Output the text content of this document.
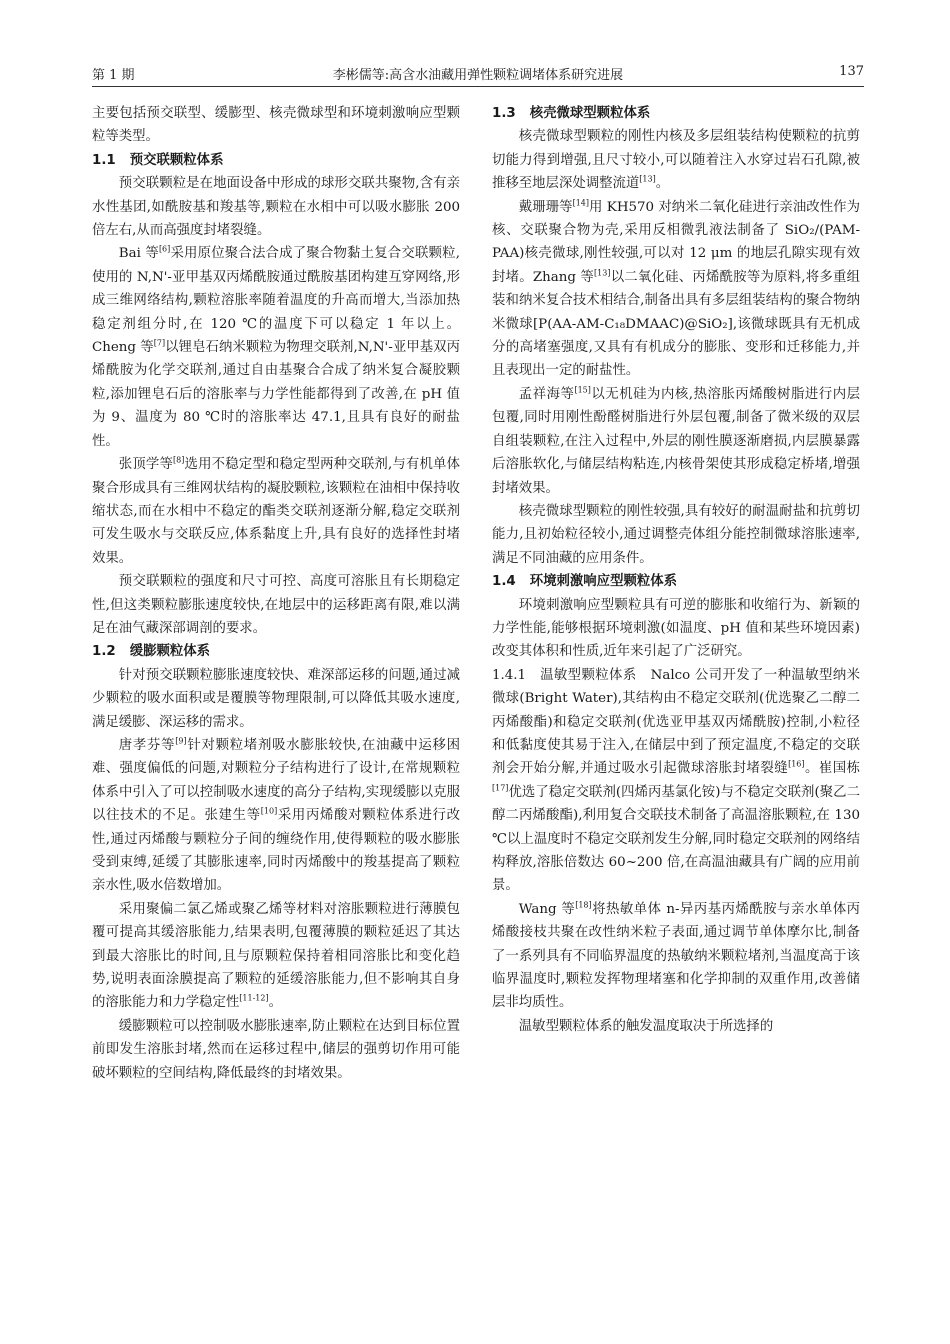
第 1 期	李彬儒等:高含水油藏用弹性颗粒调堵体系研究进展	137

主要包括预交联型、缓膨型、核壳微球型和环境刺激响应型颗粒等类型。

1.1 预交联颗粒体系

预交联颗粒是在地面设备中形成的球形交联共聚物,含有亲水性基团,如酰胺基和羧基等,颗粒在水相中可以吸水膨胀 200 倍左右,从而高强度封堵裂缝。

Bai 等[6]采用原位聚合法合成了聚合物黏土复合交联颗粒,使用的 N,N'-亚甲基双丙烯酰胺通过酰胺基团构建互穿网络,形成三维网络结构,颗粒溶胀率随着温度的升高而增大,当添加热稳定剂组分时,在 120 ℃的温度下可以稳定 1 年以上。Cheng 等[7]以锂皂石纳米颗粒为物理交联剂,N,N'-亚甲基双丙烯酰胺为化学交联剂,通过自由基聚合合成了纳米复合凝胶颗粒,添加锂皂石后的溶胀率与力学性能都得到了改善,在 pH 值为 9、温度为 80 ℃时的溶胀率达 47.1,且具有良好的耐盐性。

张顶学等[8]选用不稳定型和稳定型两种交联剂,与有机单体聚合形成具有三维网状结构的凝胶颗粒,该颗粒在油相中保持收缩状态,而在水相中不稳定的酯类交联剂逐渐分解,稳定交联剂可发生吸水与交联反应,体系黏度上升,具有良好的选择性封堵效果。

预交联颗粒的强度和尺寸可控、高度可溶胀且有长期稳定性,但这类颗粒膨胀速度较快,在地层中的运移距离有限,难以满足在油气藏深部调剖的要求。

1.2 缓膨颗粒体系

针对预交联颗粒膨胀速度较快、难深部运移的问题,通过减少颗粒的吸水面积或是覆膜等物理限制,可以降低其吸水速度,满足缓膨、深运移的需求。

唐孝芬等[9]针对颗粒堵剂吸水膨胀较快,在油藏中运移困难、强度偏低的问题,对颗粒分子结构进行了设计,在常规颗粒体系中引入了可以控制吸水速度的高分子结构,实现缓膨以克服以往技术的不足。张建生等[10]采用丙烯酸对颗粒体系进行改性,通过丙烯酸与颗粒分子间的缠绕作用,使得颗粒的吸水膨胀受到束缚,延缓了其膨胀速率,同时丙烯酸中的羧基提高了颗粒亲水性,吸水倍数增加。

采用聚偏二氯乙烯或聚乙烯等材料对溶胀颗粒进行薄膜包覆可提高其缓溶胀能力,结果表明,包覆薄膜的颗粒延迟了其达到最大溶胀比的时间,且与原颗粒保持着相同溶胀比和变化趋势,说明表面涂膜提高了颗粒的延缓溶胀能力,但不影响其自身的溶胀能力和力学稳定性[11-12]。

缓膨颗粒可以控制吸水膨胀速率,防止颗粒在达到目标位置前即发生溶胀封堵,然而在运移过程中,储层的强剪切作用可能破坏颗粒的空间结构,降低最终的封堵效果。

1.3 核壳微球型颗粒体系

核壳微球型颗粒的刚性内核及多层组装结构使颗粒的抗剪切能力得到增强,且尺寸较小,可以随着注入水穿过岩石孔隙,被推移至地层深处调整流道[13]。

戴珊珊等[14]用 KH570 对纳米二氧化硅进行亲油改性作为核、交联聚合物为壳,采用反相微乳液法制备了 SiO₂/(PAM-PAA)核壳微球,刚性较强,可以对 12 μm 的地层孔隙实现有效封堵。Zhang 等[13]以二氧化硅、丙烯酰胺等为原料,将多重组装和纳米复合技术相结合,制备出具有多层组装结构的聚合物纳米微球[P(AA-AM-C₁₈DMAAC)@SiO₂],该微球既具有无机成分的高堵塞强度,又具有有机成分的膨胀、变形和迁移能力,并且表现出一定的耐盐性。

孟祥海等[15]以无机硅为内核,热溶胀丙烯酸树脂进行内层包覆,同时用刚性酚醛树脂进行外层包覆,制备了微米级的双层自组装颗粒,在注入过程中,外层的刚性膜逐渐磨损,内层膜暴露后溶胀软化,与储层结构粘连,内核骨架使其形成稳定桥堵,增强封堵效果。

核壳微球型颗粒的刚性较强,具有较好的耐温耐盐和抗剪切能力,且初始粒径较小,通过调整壳体组分能控制微球溶胀速率,满足不同油藏的应用条件。

1.4 环境刺激响应型颗粒体系

环境刺激响应型颗粒具有可逆的膨胀和收缩行为、新颖的力学性能,能够根据环境刺激(如温度、pH 值和某些环境因素)改变其体积和性质,近年来引起了广泛研究。

1.4.1 温敏型颗粒体系 Nalco 公司开发了一种温敏型纳米微球(Bright Water),其结构由不稳定交联剂(优选聚乙二醇二丙烯酸酯)和稳定交联剂(优选亚甲基双丙烯酰胺)控制,小粒径和低黏度使其易于注入,在储层中到了预定温度,不稳定的交联剂会开始分解,并通过吸水引起微球溶胀封堵裂缝[16]。崔国栋[17]优选了稳定交联剂(四烯丙基氯化铵)与不稳定交联剂(聚乙二醇二丙烯酸酯),利用复合交联技术制备了高温溶胀颗粒,在 130 ℃以上温度时不稳定交联剂发生分解,同时稳定交联剂的网络结构释放,溶胀倍数达 60~200 倍,在高温油藏具有广阔的应用前景。

Wang 等[18]将热敏单体 n-异丙基丙烯酰胺与亲水单体丙烯酸接枝共聚在改性纳米粒子表面,通过调节单体摩尔比,制备了一系列具有不同临界温度的热敏纳米颗粒堵剂,当温度高于该临界温度时,颗粒发挥物理堵塞和化学抑制的双重作用,改善储层非均质性。

温敏型颗粒体系的触发温度取决于所选择的
